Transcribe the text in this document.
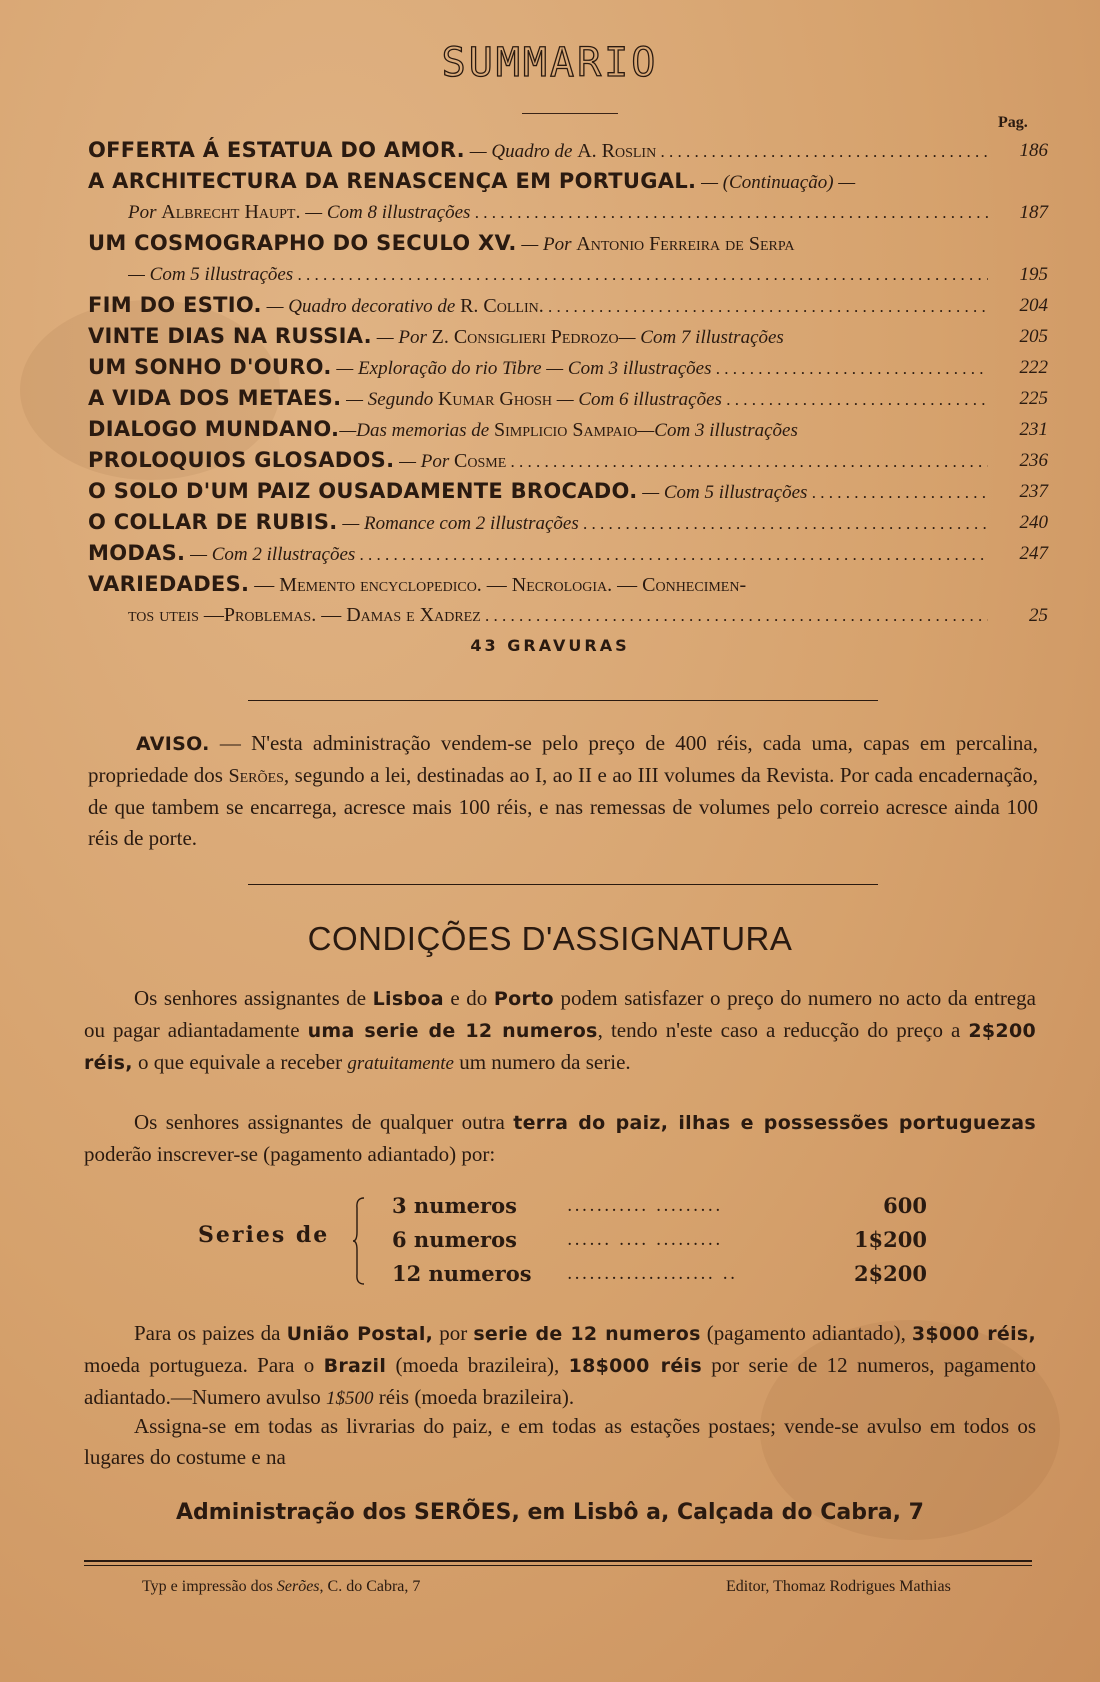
SUMMARIO
Pag.
OFFERTA Á ESTATUA DO AMOR. — Quadro de A. Roslin . . .	186
A ARCHITECTURA DA RENASCENÇA EM PORTUGAL. — (Continuação) —
Por Albrecht Haupt. — Com 8 illustrações . . .	187
UM COSMOGRAPHO DO SECULO XV. — Por Antonio Ferreira de Serpa
— Com 5 illustrações . . .	195
FIM DO ESTIO. — Quadro decorativo de R. Collin. . . .	204
VINTE DIAS NA RUSSIA. — Por Z. Consiglieri Pedrozo— Com 7 illustrações	205
UM SONHO D'OURO. — Exploração do rio Tibre — Com 3 illustrações . . .	222
A VIDA DOS METAES. — Segundo Kumar Ghosh — Com 6 illustrações . . .	225
DIALOGO MUNDANO.—Das memorias de Simplicio Sampaio—Com 3 illustrações	231
PROLOQUIOS GLOSADOS. — Por Cosme . . .	236
O SOLO D'UM PAIZ OUSADAMENTE BROCADO. — Com 5 illustrações . . .	237
O COLLAR DE RUBIS. — Romance com 2 illustrações . . .	240
MODAS. — Com 2 illustrações . . .	247
VARIEDADES. — Memento encyclopedico. — Necrologia. — Conhecimen-
tos uteis —Problemas. — Damas e Xadrez . . .	25
43 GRAVURAS
AVISO. — N'esta administração vendem-se pelo preço de 400 réis, cada uma, capas em percalina, propriedade dos Serões, segundo a lei, destinadas ao I, ao II e ao III volumes da Revista. Por cada encadernação, de que tambem se encarrega, acresce mais 100 réis, e nas remessas de volumes pelo correio acresce ainda 100 réis de porte.
CONDIÇÕES D'ASSIGNATURA
Os senhores assignantes de Lisboa e do Porto podem satisfazer o preço do numero no acto da entrega ou pagar adiantadamente uma serie de 12 numeros, tendo n'este caso a reducção do preço a 2$200 réis, o que equivale a receber gratuitamente um numero da serie.
Os senhores assignantes de qualquer outra terra do paiz, ilhas e possessões portuguezas poderão inscrever-se (pagamento adiantado) por:
Series de
3 numeros	........... .........	600
6 numeros	...... .... .........	1$200
12 numeros .................... ..	2$200
Para os paizes da União Postal, por serie de 12 numeros (pagamento adiantado), 3$000 réis, moeda portugueza. Para o Brazil (moeda brazileira), 18$000 réis por serie de 12 numeros, pagamento adiantado.—Numero avulso 1$500 réis (moeda brazileira).
Assigna-se em todas as livrarias do paiz, e em todas as estações postaes; vende-se avulso em todos os lugares do costume e na
Administração dos SERÕES, em Lisbô a, Calçada do Cabra, 7
Typ e impressão dos Serões, C. do Cabra, 7	Editor, Thomaz Rodrigues Mathias
